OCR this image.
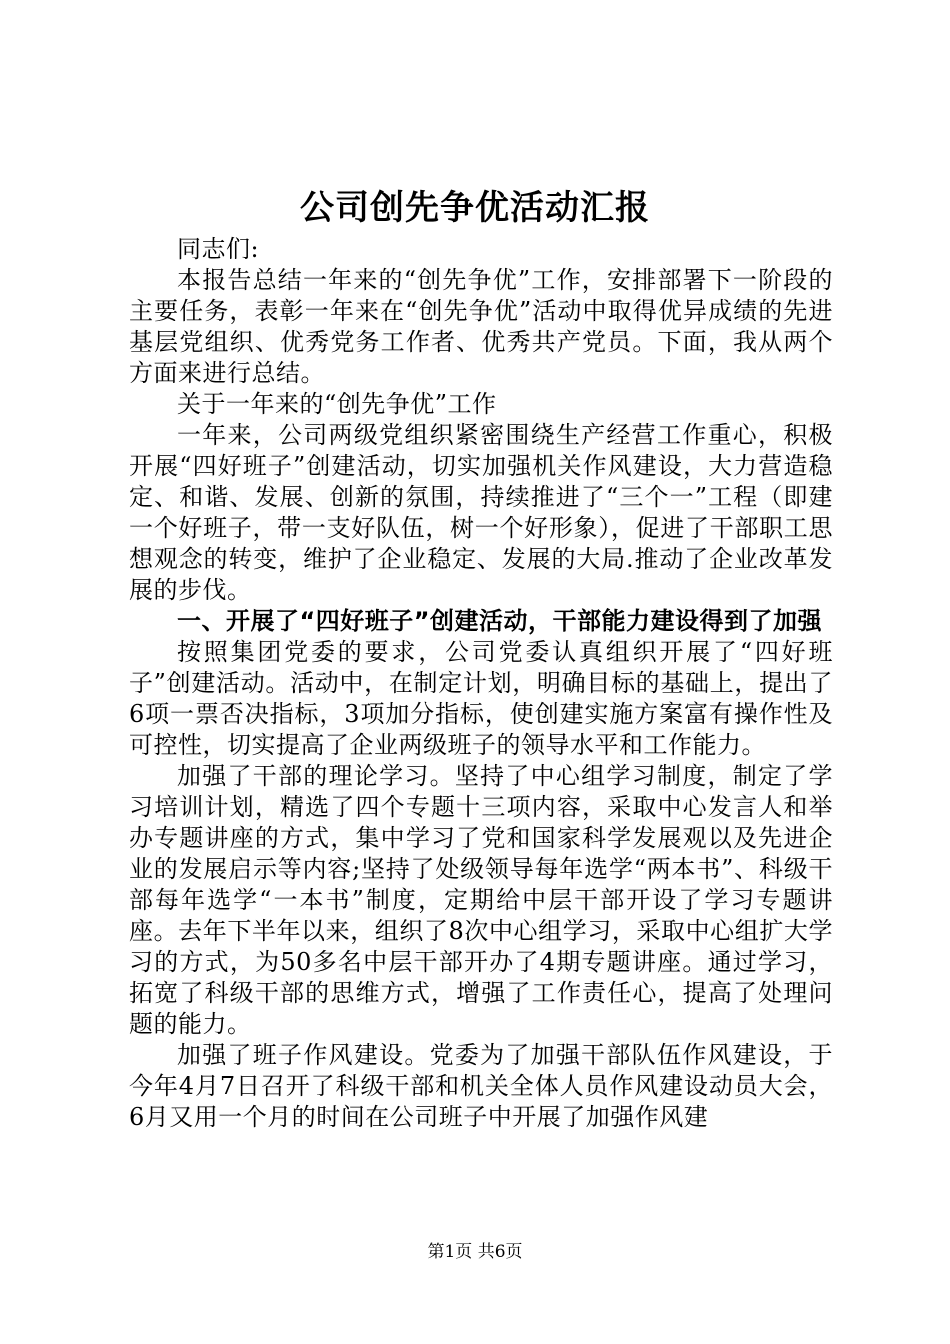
公司创先争优活动汇报

同志们:

本报告总结一年来的“创先争优”工作，安排部署下一阶段的主要任务，表彰一年来在“创先争优”活动中取得优异成绩的先进基层党组织、优秀党务工作者、优秀共产党员。下面，我从两个方面来进行总结。

关于一年来的“创先争优”工作

一年来，公司两级党组织紧密围绕生产经营工作重心，积极开展“四好班子”创建活动，切实加强机关作风建设，大力营造稳定、和谐、发展、创新的氛围，持续推进了“三个一”工程（即建一个好班子，带一支好队伍，树一个好形象），促进了干部职工思想观念的转变，维护了企业稳定、发展的大局.推动了企业改革发展的步伐。

一、开展了“四好班子”创建活动，干部能力建设得到了加强

按照集团党委的要求，公司党委认真组织开展了“四好班子”创建活动。活动中，在制定计划，明确目标的基础上，提出了6项一票否决指标，3项加分指标，使创建实施方案富有操作性及可控性，切实提高了企业两级班子的领导水平和工作能力。

加强了干部的理论学习。坚持了中心组学习制度，制定了学习培训计划，精选了四个专题十三项内容，采取中心发言人和举办专题讲座的方式，集中学习了党和国家科学发展观以及先进企业的发展启示等内容;坚持了处级领导每年选学“两本书”、科级干部每年选学“一本书”制度，定期给中层干部开设了学习专题讲座。去年下半年以来，组织了8次中心组学习，采取中心组扩大学习的方式，为50多名中层干部开办了4期专题讲座。通过学习，拓宽了科级干部的思维方式，增强了工作责任心，提高了处理问题的能力。

加强了班子作风建设。党委为了加强干部队伍作风建设，于今年4月7日召开了科级干部和机关全体人员作风建设动员大会，6月又用一个月的时间在公司班子中开展了加强作风建

第1页 共6页
